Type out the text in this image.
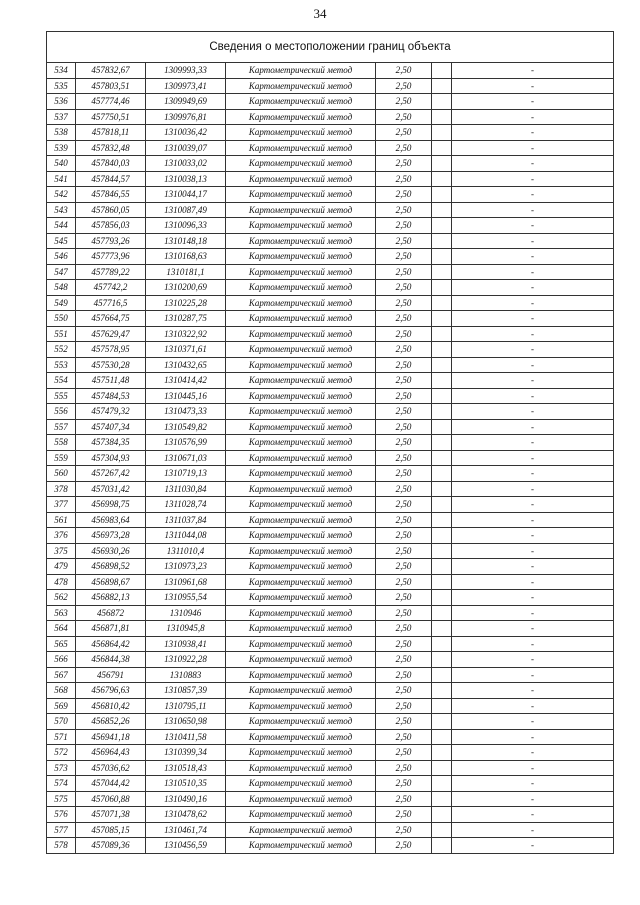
34
Сведения о местоположении границ объекта						
534	457832,67	1309993,33	Картометрический метод	2,50		-
535	457803,51	1309973,41	Картометрический метод	2,50		-
536	457774,46	1309949,69	Картометрический метод	2,50		-
537	457750,51	1309976,81	Картометрический метод	2,50		-
538	457818,11	1310036,42	Картометрический метод	2,50		-
539	457832,48	1310039,07	Картометрический метод	2,50		-
540	457840,03	1310033,02	Картометрический метод	2,50		-
541	457844,57	1310038,13	Картометрический метод	2,50		-
542	457846,55	1310044,17	Картометрический метод	2,50		-
543	457860,05	1310087,49	Картометрический метод	2,50		-
544	457856,03	1310096,33	Картометрический метод	2,50		-
545	457793,26	1310148,18	Картометрический метод	2,50		-
546	457773,96	1310168,63	Картометрический метод	2,50		-
547	457789,22	1310181,1	Картометрический метод	2,50		-
548	457742,2	1310200,69	Картометрический метод	2,50		-
549	457716,5	1310225,28	Картометрический метод	2,50		-
550	457664,75	1310287,75	Картометрический метод	2,50		-
551	457629,47	1310322,92	Картометрический метод	2,50		-
552	457578,95	1310371,61	Картометрический метод	2,50		-
553	457530,28	1310432,65	Картометрический метод	2,50		-
554	457511,48	1310414,42	Картометрический метод	2,50		-
555	457484,53	1310445,16	Картометрический метод	2,50		-
556	457479,32	1310473,33	Картометрический метод	2,50		-
557	457407,34	1310549,82	Картометрический метод	2,50		-
558	457384,35	1310576,99	Картометрический метод	2,50		-
559	457304,93	1310671,03	Картометрический метод	2,50		-
560	457267,42	1310719,13	Картометрический метод	2,50		-
378	457031,42	1311030,84	Картометрический метод	2,50		-
377	456998,75	1311028,74	Картометрический метод	2,50		-
561	456983,64	1311037,84	Картометрический метод	2,50		-
376	456973,28	1311044,08	Картометрический метод	2,50		-
375	456930,26	1311010,4	Картометрический метод	2,50		-
479	456898,52	1310973,23	Картометрический метод	2,50		-
478	456898,67	1310961,68	Картометрический метод	2,50		-
562	456882,13	1310955,54	Картометрический метод	2,50		-
563	456872	1310946	Картометрический метод	2,50		-
564	456871,81	1310945,8	Картометрический метод	2,50		-
565	456864,42	1310938,41	Картометрический метод	2,50		-
566	456844,38	1310922,28	Картометрический метод	2,50		-
567	456791	1310883	Картометрический метод	2,50		-
568	456796,63	1310857,39	Картометрический метод	2,50		-
569	456810,42	1310795,11	Картометрический метод	2,50		-
570	456852,26	1310650,98	Картометрический метод	2,50		-
571	456941,18	1310411,58	Картометрический метод	2,50		-
572	456964,43	1310399,34	Картометрический метод	2,50		-
573	457036,62	1310518,43	Картометрический метод	2,50		-
574	457044,42	1310510,35	Картометрический метод	2,50		-
575	457060,88	1310490,16	Картометрический метод	2,50		-
576	457071,38	1310478,62	Картометрический метод	2,50		-
577	457085,15	1310461,74	Картометрический метод	2,50		-
578	457089,36	1310456,59	Картометрический метод	2,50		-
